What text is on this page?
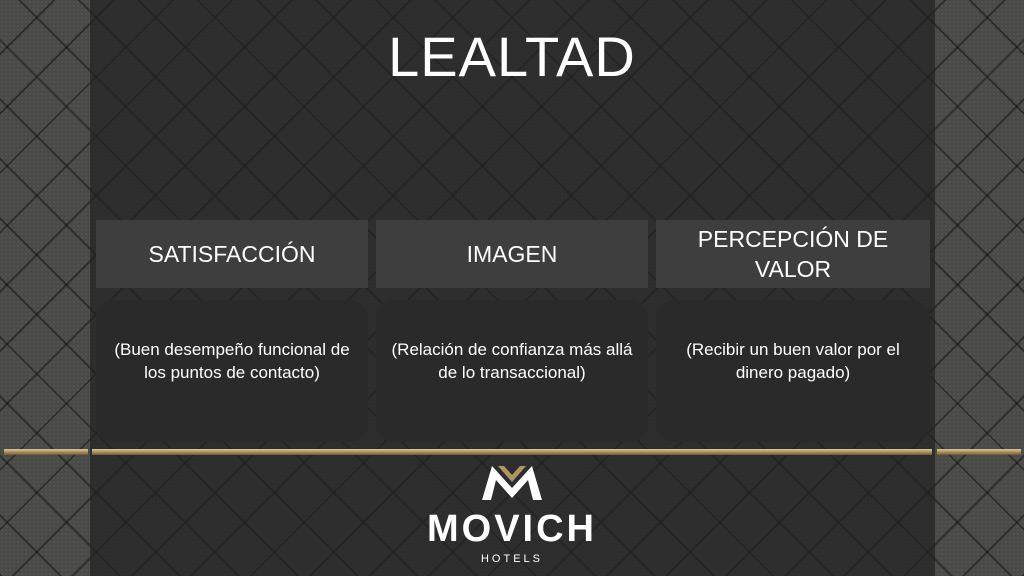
LEALTAD
SATISFACCIÓN	IMAGEN
PERCEPCIÓN DE VALOR
(Buen desempeño funcional de los puntos de contacto)
(Relación de confianza más allá de lo transaccional)
(Recibir un buen valor por el dinero pagado)
MOVICH
HOTELS
